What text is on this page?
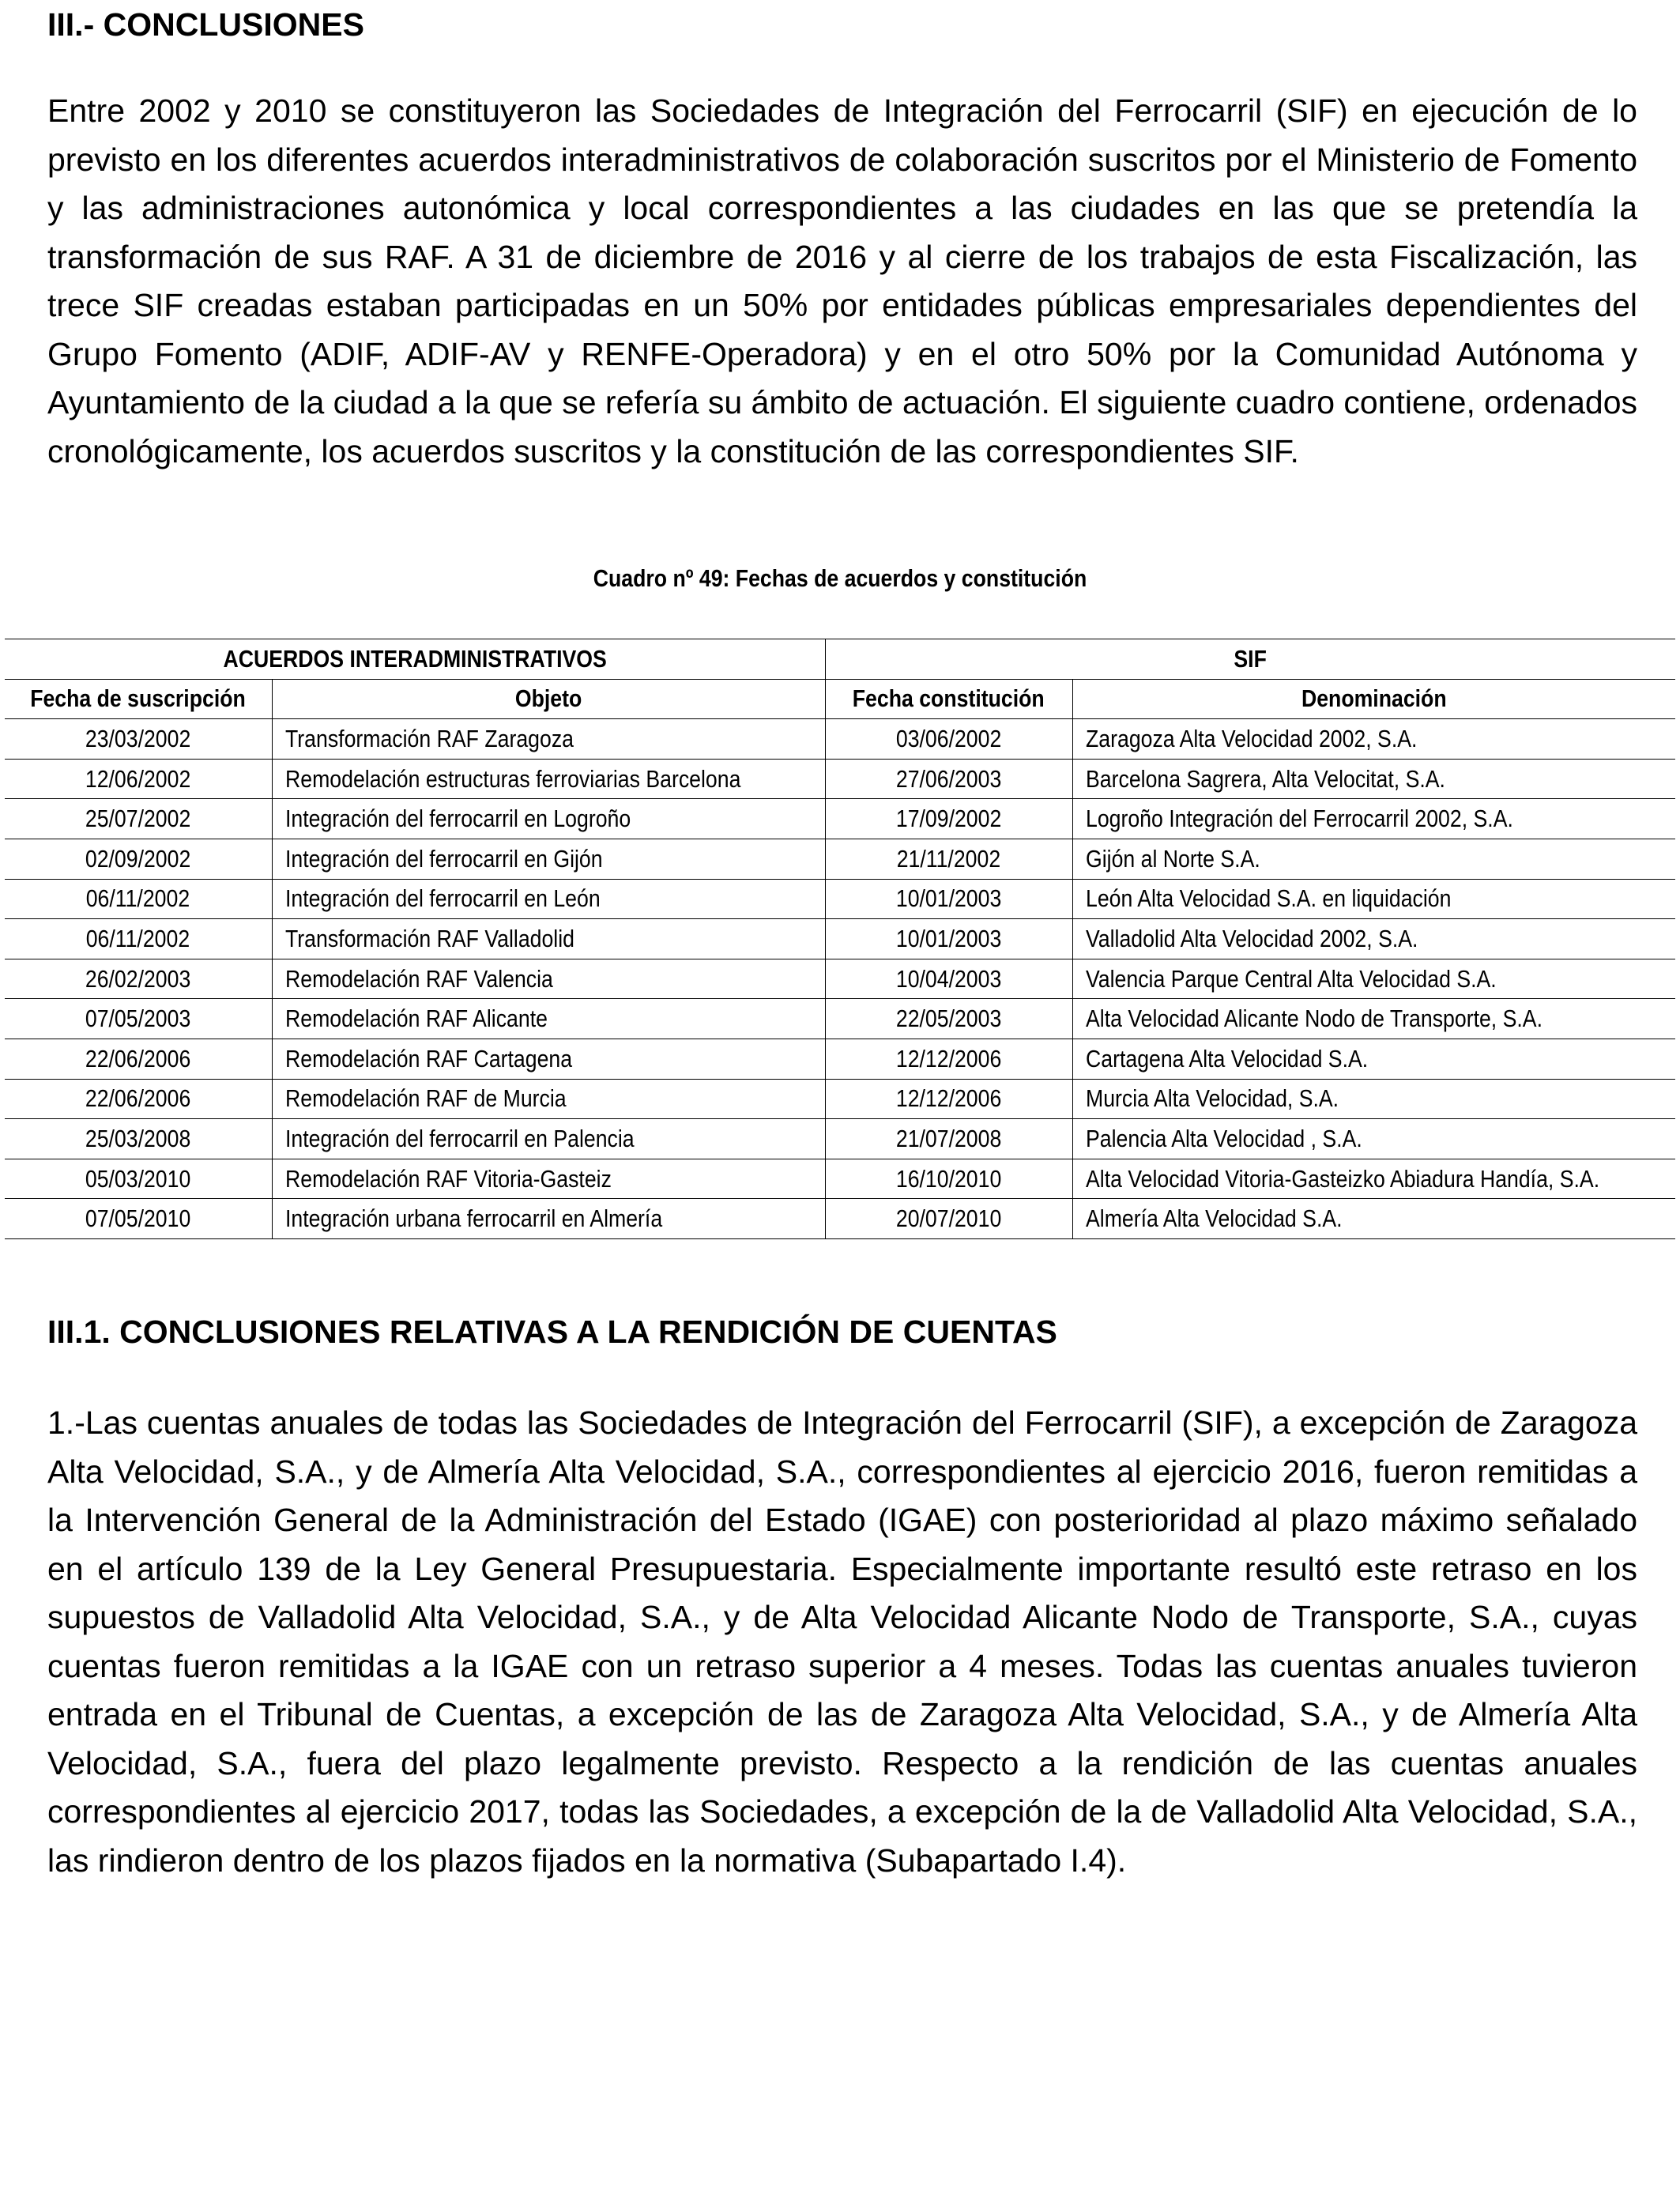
III.- CONCLUSIONES

Entre 2002 y 2010 se constituyeron las Sociedades de Integración del Ferrocarril (SIF) en ejecución de lo previsto en los diferentes acuerdos interadministrativos de colaboración suscritos por el Ministerio de Fomento y las administraciones autonómica y local correspondientes a las ciudades en las que se pretendía la transformación de sus RAF. A 31 de diciembre de 2016 y al cierre de los trabajos de esta Fiscalización, las trece SIF creadas estaban participadas en un 50% por entidades públicas empresariales dependientes del Grupo Fomento (ADIF, ADIF-AV y RENFE-Operadora) y en el otro 50% por la Comunidad Autónoma y Ayuntamiento de la ciudad a la que se refería su ámbito de actuación. El siguiente cuadro contiene, ordenados cronológicamente, los acuerdos suscritos y la constitución de las correspondientes SIF.

Cuadro nº 49: Fechas de acuerdos y constitución
ACUERDOS INTERADMINISTRATIVOS		SIF	
Fecha de suscripción	Objeto	Fecha constitución	Denominación
23/03/2002	Transformación RAF Zaragoza	03/06/2002	Zaragoza Alta Velocidad 2002, S.A.
12/06/2002	Remodelación estructuras ferroviarias Barcelona	27/06/2003	Barcelona Sagrera, Alta Velocitat, S.A.
25/07/2002	Integración del ferrocarril en Logroño	17/09/2002	Logroño Integración del Ferrocarril 2002, S.A.
02/09/2002	Integración del ferrocarril en Gijón	21/11/2002	Gijón al Norte S.A.
06/11/2002	Integración del ferrocarril en León	10/01/2003	León Alta Velocidad S.A. en liquidación
06/11/2002	Transformación RAF Valladolid	10/01/2003	Valladolid Alta Velocidad 2002, S.A.
26/02/2003	Remodelación RAF Valencia	10/04/2003	Valencia Parque Central Alta Velocidad S.A.
07/05/2003	Remodelación RAF Alicante	22/05/2003	Alta Velocidad Alicante Nodo de Transporte, S.A.
22/06/2006	Remodelación RAF Cartagena	12/12/2006	Cartagena Alta Velocidad S.A.
22/06/2006	Remodelación RAF de Murcia	12/12/2006	Murcia Alta Velocidad, S.A.
25/03/2008	Integración del ferrocarril en Palencia	21/07/2008	Palencia Alta Velocidad , S.A.
05/03/2010	Remodelación RAF Vitoria-Gasteiz	16/10/2010	Alta Velocidad Vitoria-Gasteizko Abiadura Handía, S.A.
07/05/2010	Integración urbana ferrocarril en Almería	20/07/2010	Almería Alta Velocidad S.A.
III.1. CONCLUSIONES RELATIVAS A LA RENDICIÓN DE CUENTAS

1.-Las cuentas anuales de todas las Sociedades de Integración del Ferrocarril (SIF), a excepción de Zaragoza Alta Velocidad, S.A., y de Almería Alta Velocidad, S.A., correspondientes al ejercicio 2016, fueron remitidas a la Intervención General de la Administración del Estado (IGAE) con posterioridad al plazo máximo señalado en el artículo 139 de la Ley General Presupuestaria. Especialmente importante resultó este retraso en los supuestos de Valladolid Alta Velocidad, S.A., y de Alta Velocidad Alicante Nodo de Transporte, S.A., cuyas cuentas fueron remitidas a la IGAE con un retraso superior a 4 meses. Todas las cuentas anuales tuvieron entrada en el Tribunal de Cuentas, a excepción de las de Zaragoza Alta Velocidad, S.A., y de Almería Alta Velocidad, S.A., fuera del plazo legalmente previsto. Respecto a la rendición de las cuentas anuales correspondientes al ejercicio 2017, todas las Sociedades, a excepción de la de Valladolid Alta Velocidad, S.A., las rindieron dentro de los plazos fijados en la normativa (Subapartado I.4).
